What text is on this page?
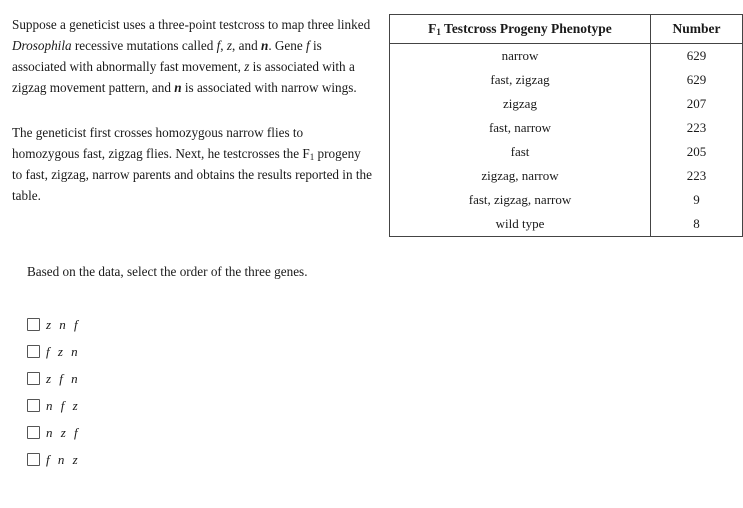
Suppose a geneticist uses a three-point testcross to map three linked Drosophila recessive mutations called f, z, and n. Gene f is associated with abnormally fast movement, z is associated with a zigzag movement pattern, and n is associated with narrow wings.

The geneticist first crosses homozygous narrow flies to homozygous fast, zigzag flies. Next, he testcrosses the $F_1$ progeny to fast, zigzag, narrow parents and obtains the results reported in the table.

$F_1$ Testcross Progeny Phenotype	Number
narrow	629
fast, zigzag	629
zigzag	207
fast, narrow	223
fast	205
zigzag, narrow	223
fast, zigzag, narrow	9
wild type	8

Based on the data, select the order of the three genes.

z n f
f z n
z f n
n f z
n z f
f n z
